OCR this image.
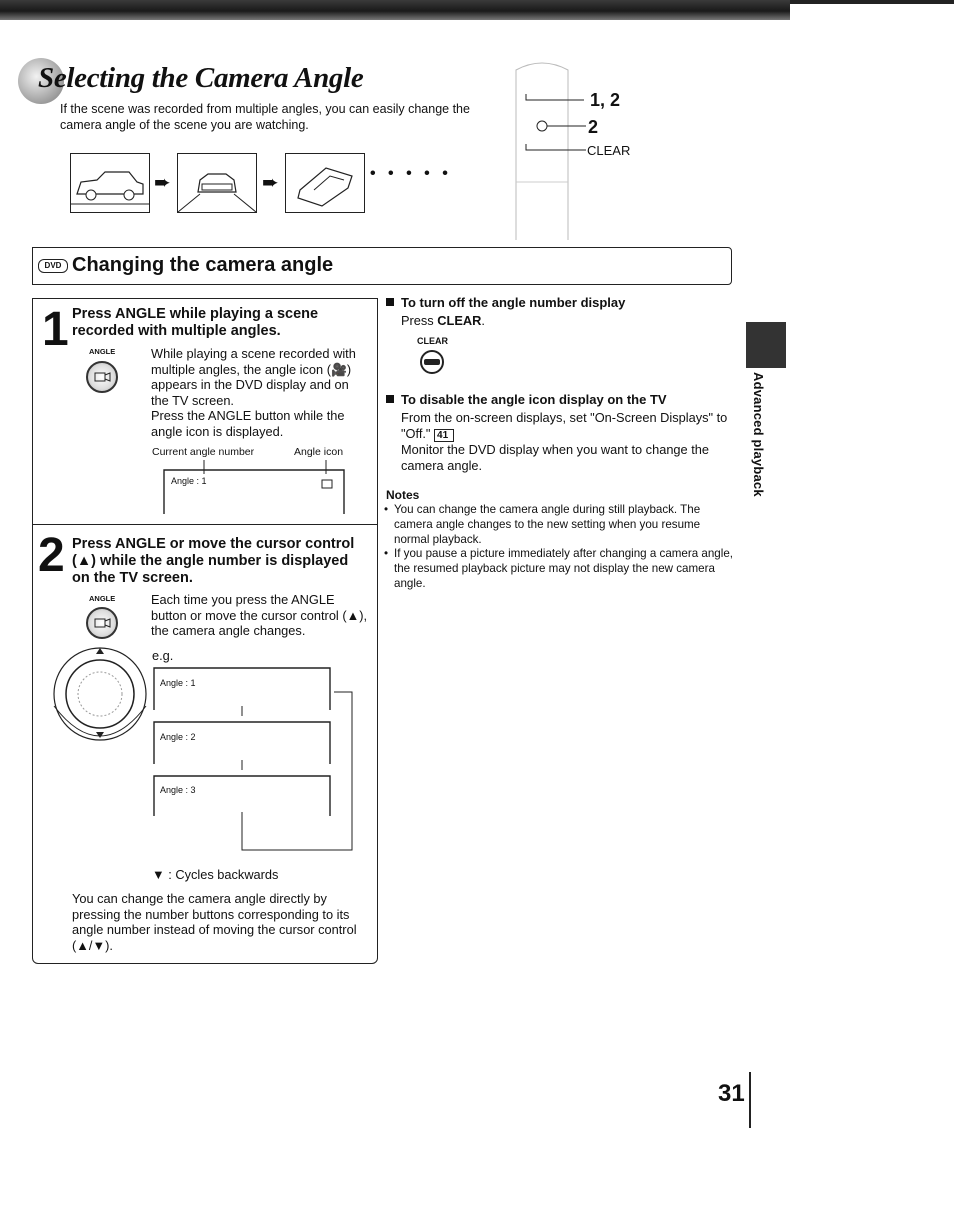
Selecting the Camera Angle
If the scene was recorded from multiple angles, you can easily change the camera angle of the scene you are watching.
➨	➨	• • • • •
1, 2
2
CLEAR
DVD Changing the camera angle
1 Press ANGLE while playing a scene recorded with multiple angles.
ANGLE	While playing a scene recorded with multiple angles, the angle icon (🎥) appears in the DVD display and on the TV screen.
Press the ANGLE button while the angle icon is displayed.
Current angle number	Angle icon
Angle : 1
2 Press ANGLE or move the cursor control (▲) while the angle number is displayed on the TV screen.
ANGLE	Each time you press the ANGLE button or move the cursor control (▲), the camera angle changes.
e.g.
Angle : 1
Angle : 2
Angle : 3
▼ : Cycles backwards
You can change the camera angle directly by pressing the number buttons corresponding to its angle number instead of moving the cursor control (▲/▼).
To turn off the angle number display
Press CLEAR.
CLEAR
To disable the angle icon display on the TV
From the on-screen displays, set "On-Screen Displays" to "Off." 41
Monitor the DVD display when you want to change the camera angle.
Notes
• You can change the camera angle during still playback. The camera angle changes to the new setting when you resume normal playback.
• If you pause a picture immediately after changing a camera angle, the resumed playback picture may not display the new camera angle.
Advanced playback
31
